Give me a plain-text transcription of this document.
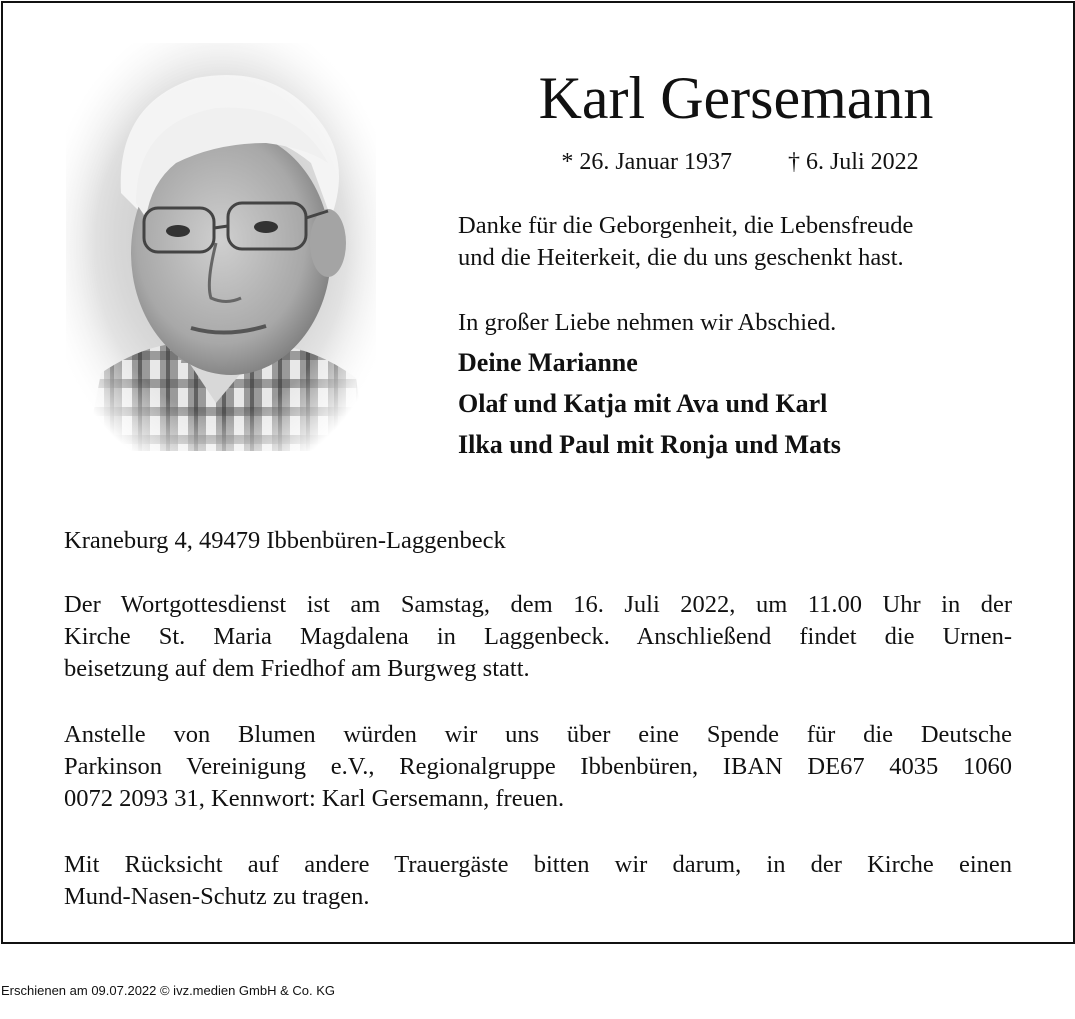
Karl Gersemann
* 26. Januar 1937 † 6. Juli 2022
Danke für die Geborgenheit, die Lebensfreude
und die Heiterkeit, die du uns geschenkt hast.
In großer Liebe nehmen wir Abschied.
Deine Marianne
Olaf und Katja mit Ava und Karl
Ilka und Paul mit Ronja und Mats
Kraneburg 4, 49479 Ibbenbüren-Laggenbeck
Der Wortgottesdienst ist am Samstag, dem 16. Juli 2022, um 11.00 Uhr in der
Kirche St. Maria Magdalena in Laggenbeck. Anschließend findet die Urnen-
beisetzung auf dem Friedhof am Burgweg statt.
Anstelle von Blumen würden wir uns über eine Spende für die Deutsche
Parkinson Vereinigung e.V., Regionalgruppe Ibbenbüren, IBAN DE67 4035 1060
0072 2093 31, Kennwort: Karl Gersemann, freuen.
Mit Rücksicht auf andere Trauergäste bitten wir darum, in der Kirche einen
Mund-Nasen-Schutz zu tragen.
Erschienen am 09.07.2022 © ivz.medien GmbH & Co. KG
